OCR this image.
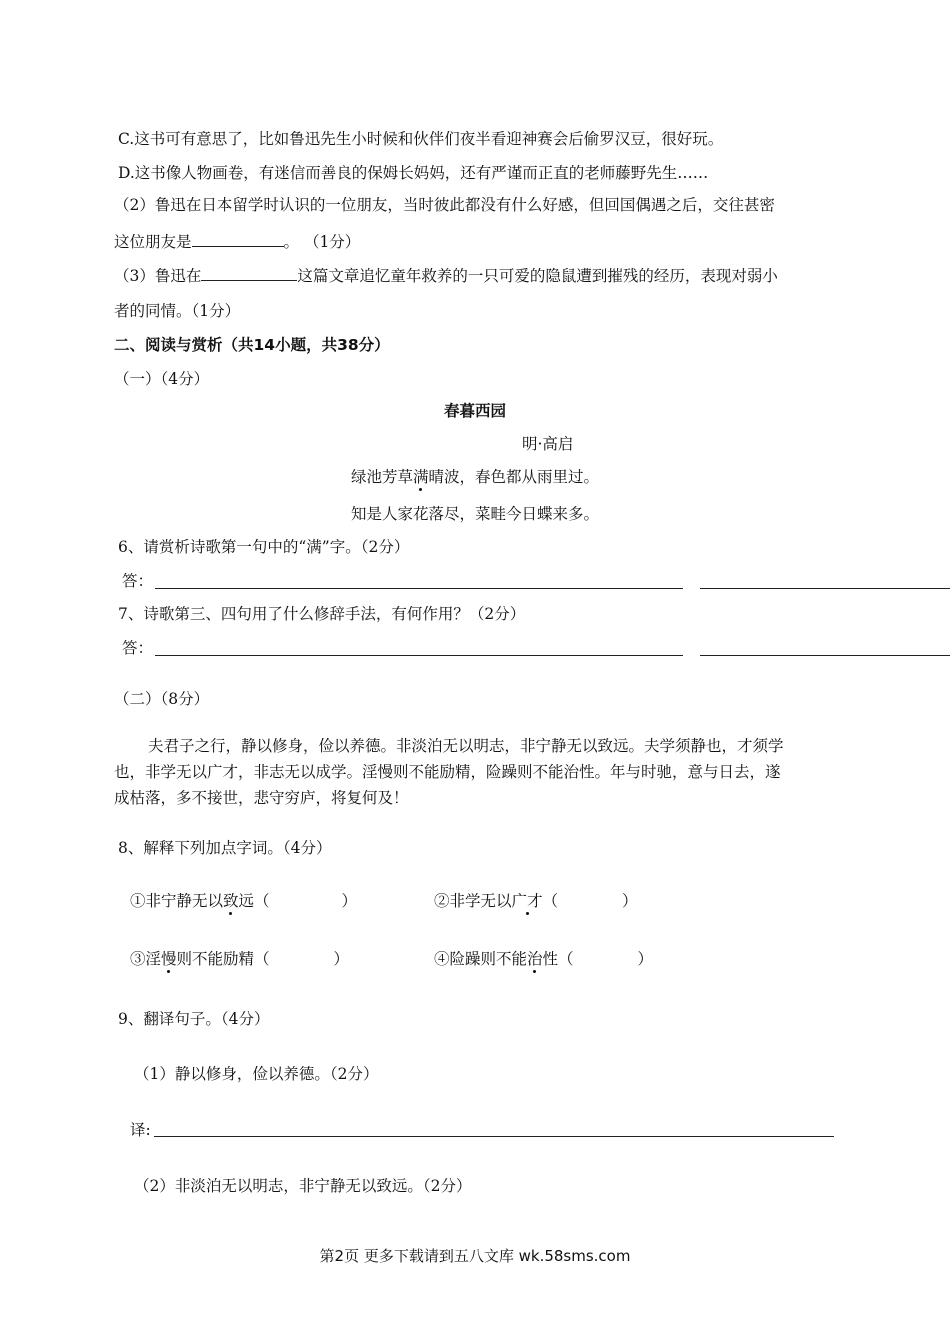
C.这书可有意思了，比如鲁迅先生小时候和伙伴们夜半看迎神赛会后偷罗汉豆，很好玩。
D.这书像人物画卷，有迷信而善良的保姆长妈妈，还有严谨而正直的老师藤野先生……
（2）鲁迅在日本留学时认识的一位朋友，当时彼此都没有什么好感，但回国偶遇之后，交往甚密
这位朋友是	。 （1分）
（3）鲁迅在	这篇文章追忆童年救养的一只可爱的隐鼠遭到摧残的经历，表现对弱小
者的同情。（1分）
二、阅读与赏析（共14小题，共38分）
（一）（4分）
春暮西园
明·高启
绿池芳草满晴波，春色都从雨里过。
知是人家花落尽，菜畦今日蝶来多。
6、请赏析诗歌第一句中的“满”字。（2分）
答：
7、诗歌第三、四句用了什么修辞手法，有何作用？（2分）
答：
（二）（8分）
夫君子之行，静以修身，俭以养德。非淡泊无以明志，非宁静无以致远。夫学须静也，才须学
也，非学无以广才，非志无以成学。淫慢则不能励精，险躁则不能治性。年与时驰，意与日去，遂
成枯落，多不接世，悲守穷庐，将复何及！
8、解释下列加点字词。（4分）
①非宁静无以致远（	）	②非学无以广才（	）
③淫慢则不能励精（	）	④险躁则不能治性（	）
9、翻译句子。（4分）
（1）静以修身，俭以养德。（2分）
译:
（2）非淡泊无以明志，非宁静无以致远。（2分）
第2页 更多下载请到五八文库 wk.58sms.com
